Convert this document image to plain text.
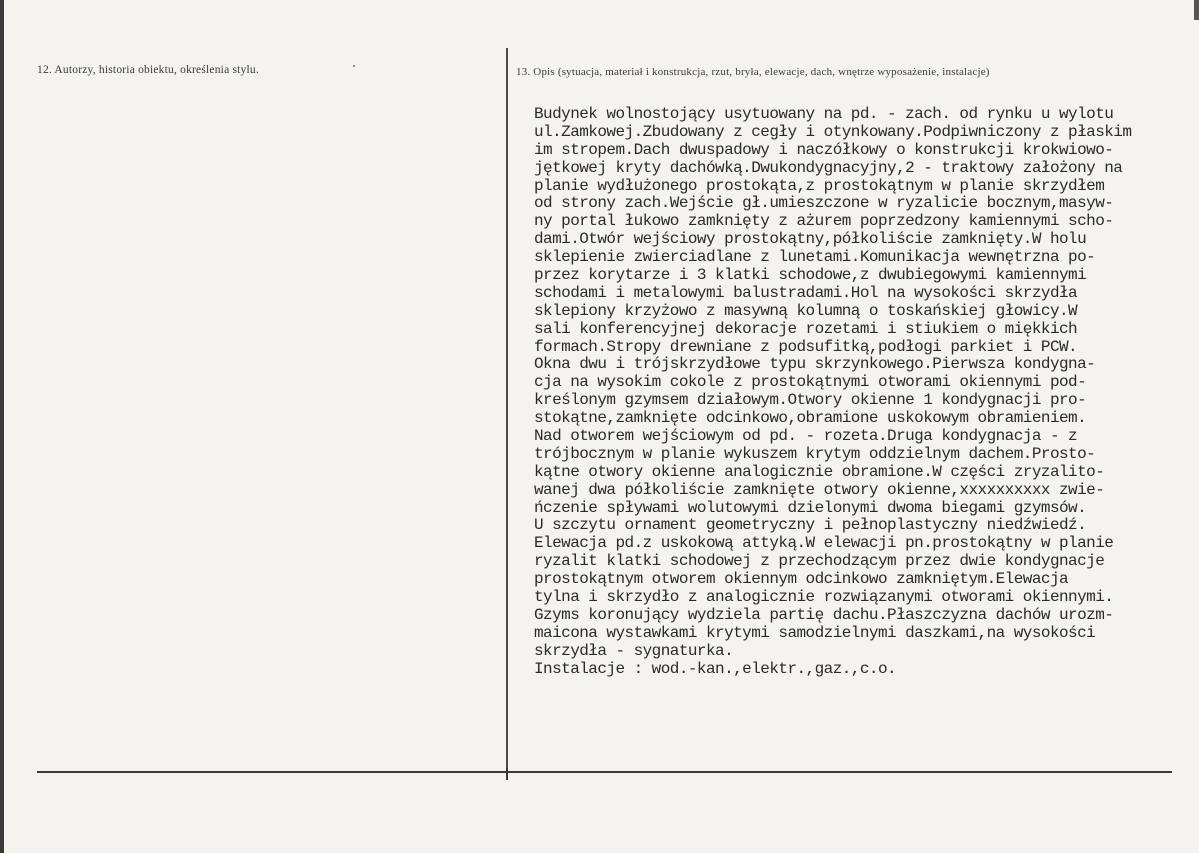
12. Autorzy, historia obiektu, określenia stylu.	13. Opis (sytuacja, materiał i konstrukcja, rzut, bryła, elewacje, dach, wnętrze wyposażenie, instalacje)
Budynek wolnostojący usytuowany na pd. - zach. od rynku u wylotu
ul.Zamkowej.Zbudowany z cegły i otynkowany.Podpiwniczony z płaskim
im stropem.Dach dwuspadowy i naczółkowy o konstrukcji krokwiowo-
jętkowej kryty dachówką.Dwukondygnacyjny,2 - traktowy założony na
planie wydłużonego prostokąta,z prostokątnym w planie skrzydłem
od strony zach.Wejście gł.umieszczone w ryzalicie bocznym,masyw-
ny portal łukowo zamknięty z ażurem poprzedzony kamiennymi scho-
dami.Otwór wejściowy prostokątny,półkoliście zamknięty.W holu
sklepienie zwierciadlane z lunetami.Komunikacja wewnętrzna po-
przez korytarze i 3 klatki schodowe,z dwubiegowymi kamiennymi
schodami i metalowymi balustradami.Hol na wysokości skrzydła
sklepiony krzyżowo z masywną kolumną o toskańskiej głowicy.W
sali konferencyjnej dekoracje rozetami i stiukiem o miękkich
formach.Stropy drewniane z podsufitką,podłogi parkiet i PCW.
Okna dwu i trójskrzydłowe typu skrzynkowego.Pierwsza kondygna-
cja na wysokim cokole z prostokątnymi otworami okiennymi pod-
kreślonym gzymsem działowym.Otwory okienne 1 kondygnacji pro-
stokątne,zamknięte odcinkowo,obramione uskokowym obramieniem.
Nad otworem wejściowym od pd. - rozeta.Druga kondygnacja - z
trójbocznym w planie wykuszem krytym oddzielnym dachem.Prosto-
kątne otwory okienne analogicznie obramione.W części zryzalito-
wanej dwa półkoliście zamknięte otwory okienne,xxxxxxxxxx zwie-
ńczenie spływami wolutowymi dzielonymi dwoma biegami gzymsów.
U szczytu ornament geometryczny i pełnoplastyczny niedźwiedź.
Elewacja pd.z uskokową attyką.W elewacji pn.prostokątny w planie
ryzalit klatki schodowej z przechodzącym przez dwie kondygnacje
prostokątnym otworem okiennym odcinkowo zamkniętym.Elewacja
tylna i skrzydło z analogicznie rozwiązanymi otworami okiennymi.
Gzyms koronujący wydziela partię dachu.Płaszczyzna dachów urozm-
maicona wystawkami krytymi samodzielnymi daszkami,na wysokości
skrzydła - sygnaturka.
Instalacje : wod.-kan.,elektr.,gaz.,c.o.
